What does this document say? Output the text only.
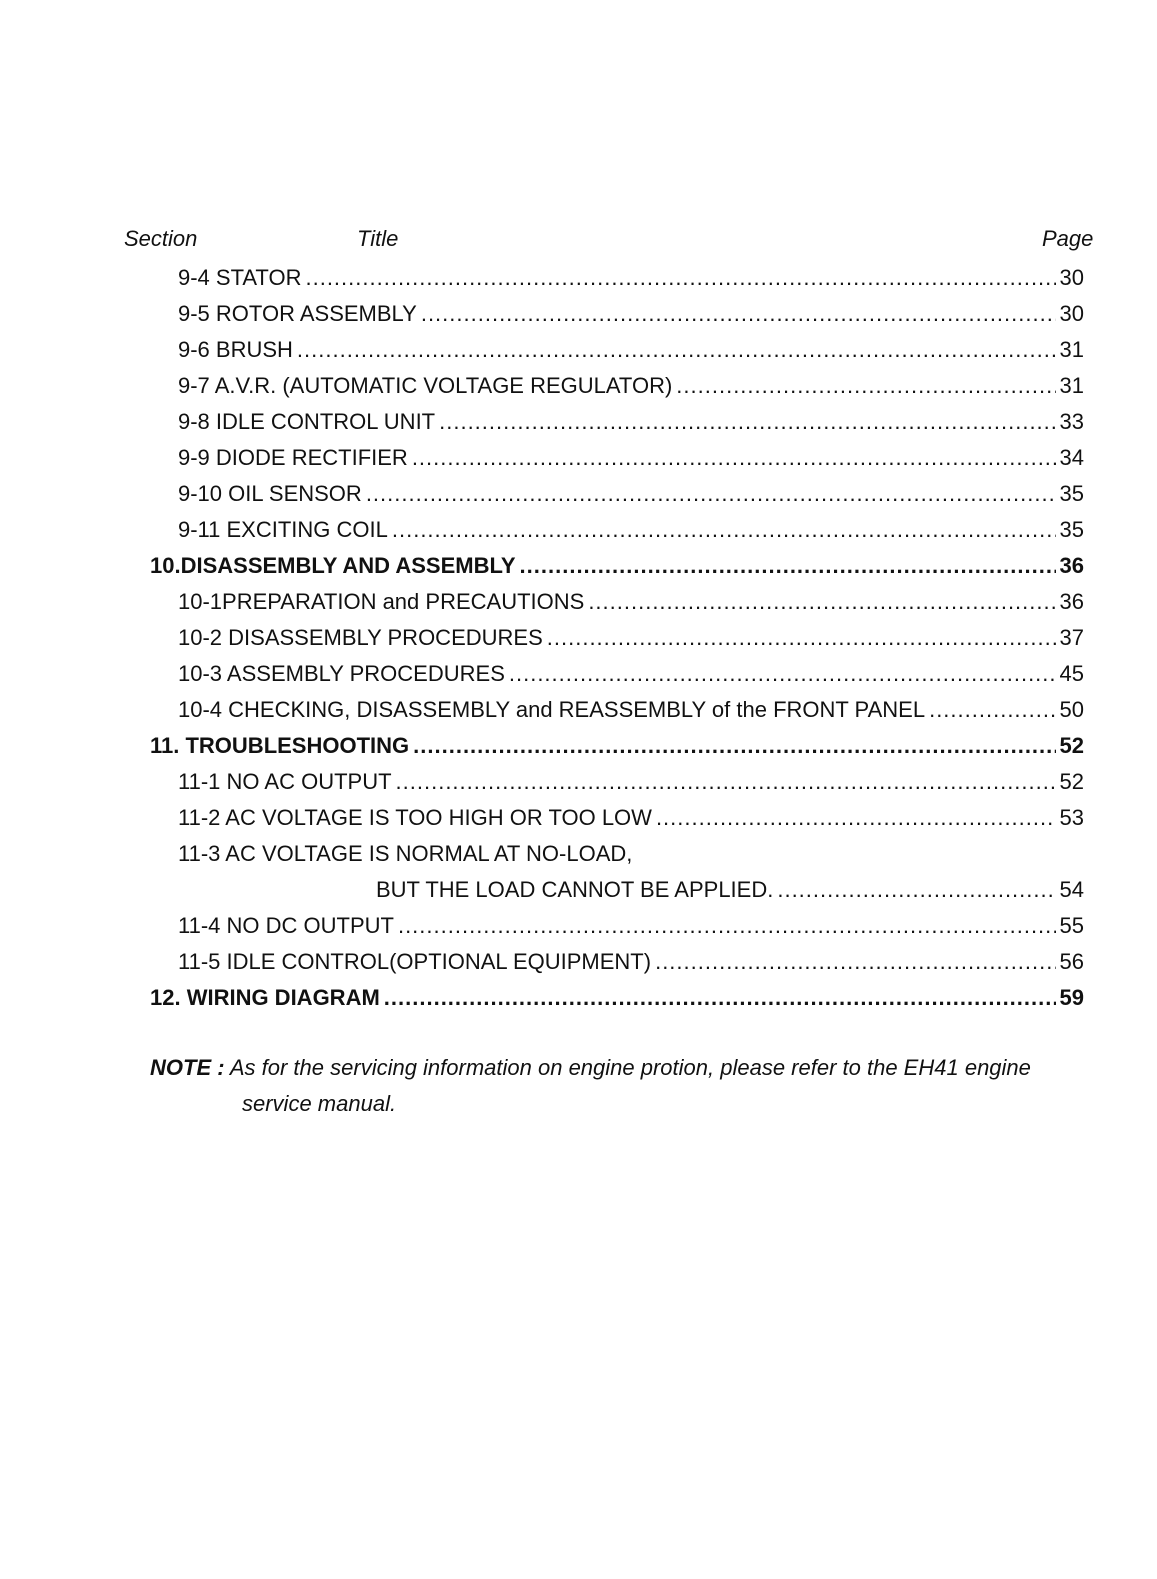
Section	Title	Page
9-4 STATOR .....	30
9-5 ROTOR ASSEMBLY .....	30
9-6 BRUSH .....	31
9-7 A.V.R. (AUTOMATIC VOLTAGE REGULATOR) .....	31
9-8 IDLE CONTROL UNIT .....	33
9-9 DIODE RECTIFIER .....	34
9-10 OIL SENSOR .....	35
9-11 EXCITING COIL .....	35
10.DISASSEMBLY AND ASSEMBLY .....	36
10-1PREPARATION and PRECAUTIONS .....	36
10-2 DISASSEMBLY PROCEDURES .....	37
10-3 ASSEMBLY PROCEDURES .....	45
10-4 CHECKING, DISASSEMBLY and REASSEMBLY of the FRONT PANEL .....	50
11. TROUBLESHOOTING .....	52
11-1 NO AC OUTPUT .....	52
11-2 AC VOLTAGE IS TOO HIGH OR TOO LOW .....	53
11-3 AC VOLTAGE IS NORMAL AT NO-LOAD,
BUT THE LOAD CANNOT BE APPLIED. .....	54
11-4 NO DC OUTPUT .....	55
11-5 IDLE CONTROL(OPTIONAL EQUIPMENT) .....	56
12. WIRING DIAGRAM .....	59
NOTE : As for the servicing information on engine protion, please refer to the EH41 engine
service manual.
